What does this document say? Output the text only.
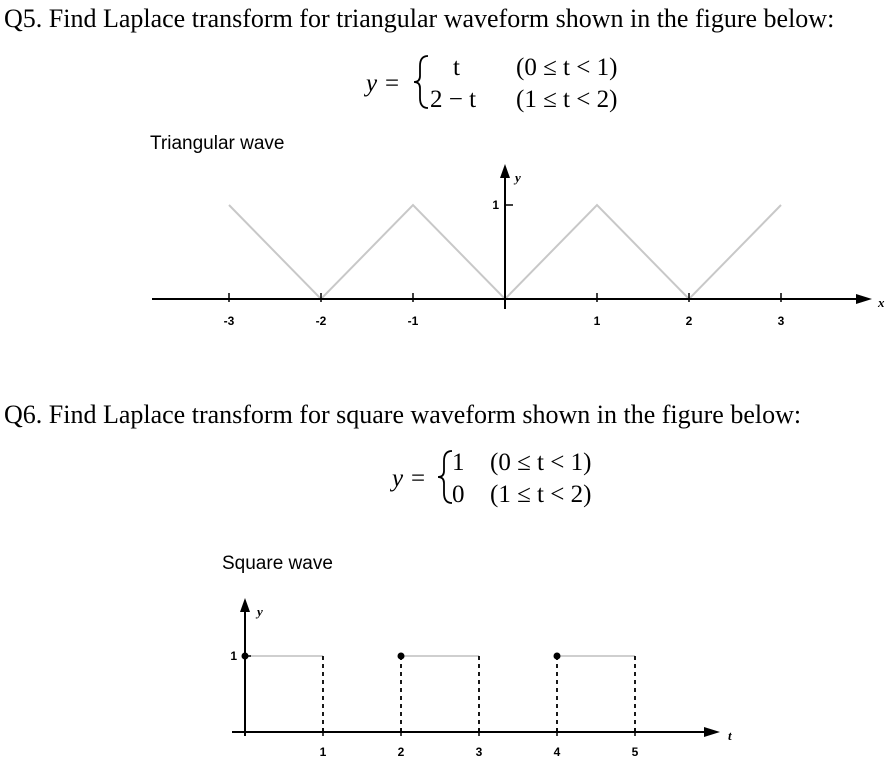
Q5. Find Laplace transform for triangular waveform shown in the figure below:
y =
t (0 ≤ t < 1)
2 − t (1 ≤ t < 2)
Triangular wave
x
y
1
-3	-2	-1	1	2	3
Q6. Find Laplace transform for square waveform shown in the figure below:
y =
1 (0 ≤ t < 1)
0 (1 ≤ t < 2)
Square wave
t
y
1
1	2	3	4	5
